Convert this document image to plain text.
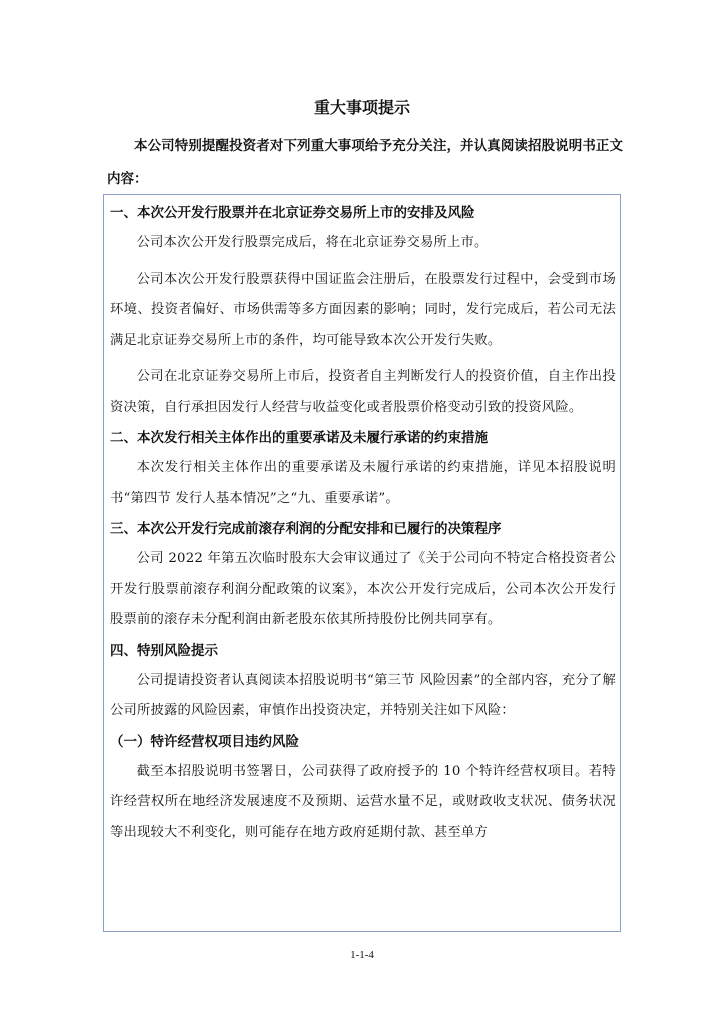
重大事项提示
本公司特别提醒投资者对下列重大事项给予充分关注，并认真阅读招股说明书正文内容：
一、本次公开发行股票并在北京证券交易所上市的安排及风险
公司本次公开发行股票完成后，将在北京证券交易所上市。
公司本次公开发行股票获得中国证监会注册后，在股票发行过程中，会受到市场环境、投资者偏好、市场供需等多方面因素的影响；同时，发行完成后，若公司无法满足北京证券交易所上市的条件，均可能导致本次公开发行失败。
公司在北京证券交易所上市后，投资者自主判断发行人的投资价值，自主作出投资决策，自行承担因发行人经营与收益变化或者股票价格变动引致的投资风险。
二、本次发行相关主体作出的重要承诺及未履行承诺的约束措施
本次发行相关主体作出的重要承诺及未履行承诺的约束措施，详见本招股说明书“第四节 发行人基本情况”之“九、重要承诺”。
三、本次公开发行完成前滚存利润的分配安排和已履行的决策程序
公司 2022 年第五次临时股东大会审议通过了《关于公司向不特定合格投资者公开发行股票前滚存利润分配政策的议案》，本次公开发行完成后，公司本次公开发行股票前的滚存未分配利润由新老股东依其所持股份比例共同享有。
四、特别风险提示
公司提请投资者认真阅读本招股说明书“第三节 风险因素”的全部内容，充分了解公司所披露的风险因素，审慎作出投资决定，并特别关注如下风险：
（一）特许经营权项目违约风险
截至本招股说明书签署日，公司获得了政府授予的 10 个特许经营权项目。若特许经营权所在地经济发展速度不及预期、运营水量不足，或财政收支状况、债务状况等出现较大不利变化，则可能存在地方政府延期付款、甚至单方
1-1-4
